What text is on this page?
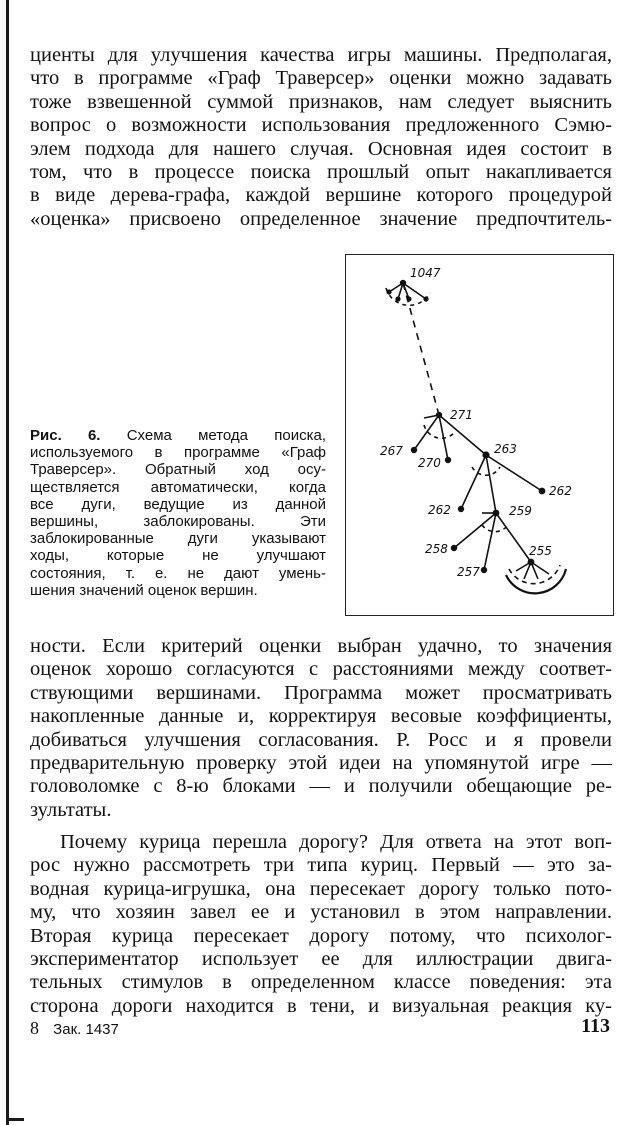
циенты для улучшения качества игры машины. Предполагая,
что в программе «Граф Траверсер» оценки можно задавать
тоже взвешенной суммой признаков, нам следует выяснить
вопрос о возможности использования предложенного Сэмю-
элем подхода для нашего случая. Основная идея состоит в
том, что в процессе поиска прошлый опыт накапливается
в виде дерева-графа, каждой вершине которого процедурой
«оценка» присвоено определенное значение предпочтитель-
Рис. 6. Схема метода поиска,
используемого в программе «Граф
Траверсер». Обратный ход осу-
ществляется автоматически, когда
все дуги, ведущие из данной
вершины, заблокированы. Эти
заблокированные дуги указывают
ходы, которые не улучшают
состояния, т. е. не дают умень-
шения значений оценок вершин.
1047
271
267
270
263
262
262	259
258
257
255
ности. Если критерий оценки выбран удачно, то значения
оценок хорошо согласуются с расстояниями между соответ-
ствующими вершинами. Программа может просматривать
накопленные данные и, корректируя весовые коэффициенты,
добиваться улучшения согласования. Р. Росс и я провели
предварительную проверку этой идеи на упомянутой игре —
головоломке с 8-ю блоками — и получили обещающие ре-
зультаты.
Почему курица перешла дорогу? Для ответа на этот воп-
рос нужно рассмотреть три типа куриц. Первый — это за-
водная курица-игрушка, она пересекает дорогу только пото-
му, что хозяин завел ее и установил в этом направлении.
Вторая курица пересекает дорогу потому, что психолог-
экспериментатор использует ее для иллюстрации двига-
тельных стимулов в определенном классе поведения: эта
сторона дороги находится в тени, и визуальная реакция ку-
8 Зак. 1437	113
